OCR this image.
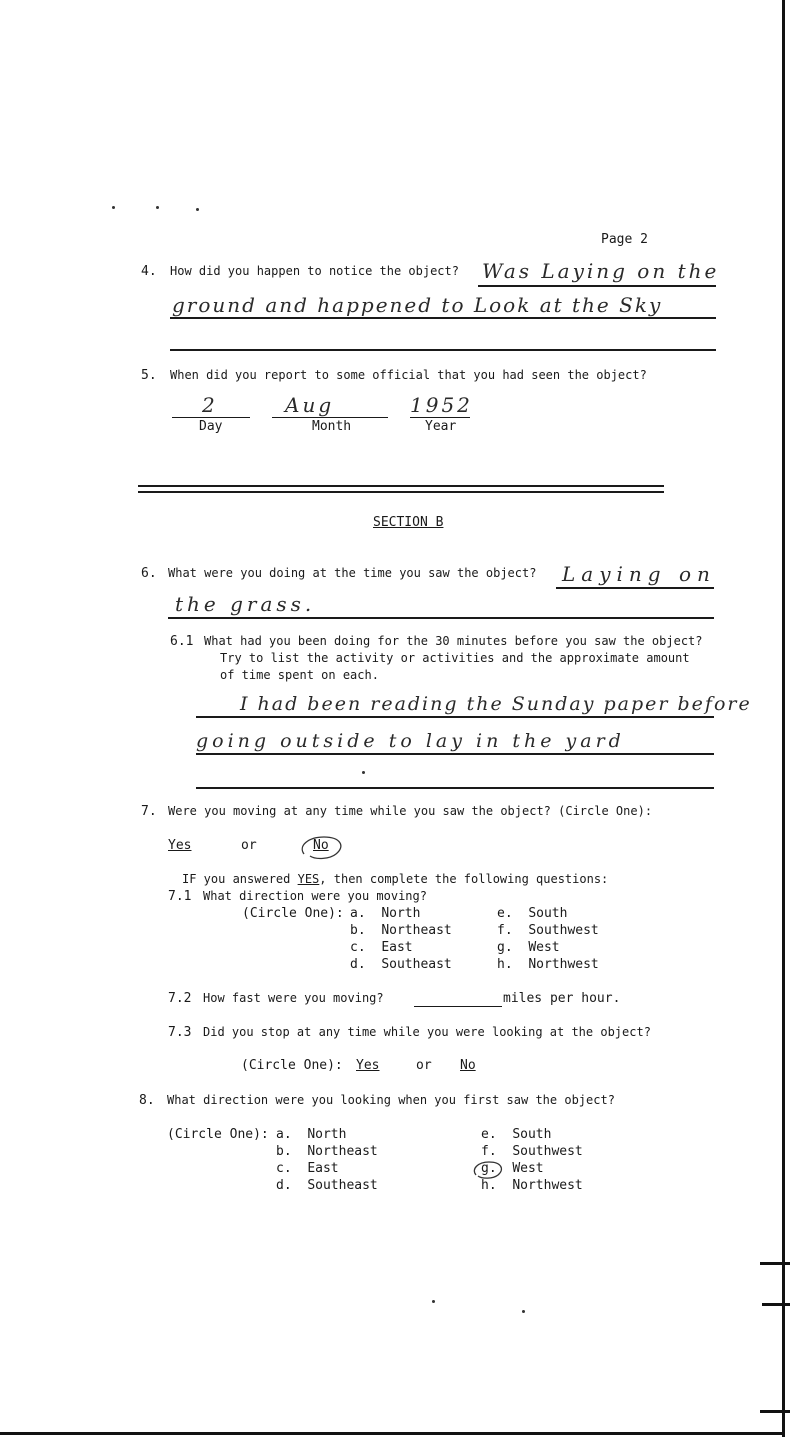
Page 2
4. How did you happen to notice the object? Was Laying on the
ground and happened to Look at the Sky
5. When did you report to some official that you had seen the object?
2
Day
Aug
Month
1952
Year
SECTION B
6. What were you doing at the time you saw the object? Laying on
the grass.
6.1 What had you been doing for the 30 minutes before you saw the object?
Try to list the activity or activities and the approximate amount
of time spent on each.
I had been reading the Sunday paper before
going outside to lay in the yard
7. Were you moving at any time while you saw the object? (Circle One):
Yes	or	No
IF you answered YES, then complete the following questions:
7.1 What direction were you moving?
(Circle One): a. North
b. Northeast
c. East
d. Southeast
e. South
f. Southwest
g. West
h. Northwest
7.2 How fast were you moving?	miles per hour.
7.3 Did you stop at any time while you were looking at the object?
(Circle One): Yes	or No
8. What direction were you looking when you first saw the object?
(Circle One): a. North
b. Northeast
c. East
d. Southeast
e. South
f. Southwest
g. West
h. Northwest
